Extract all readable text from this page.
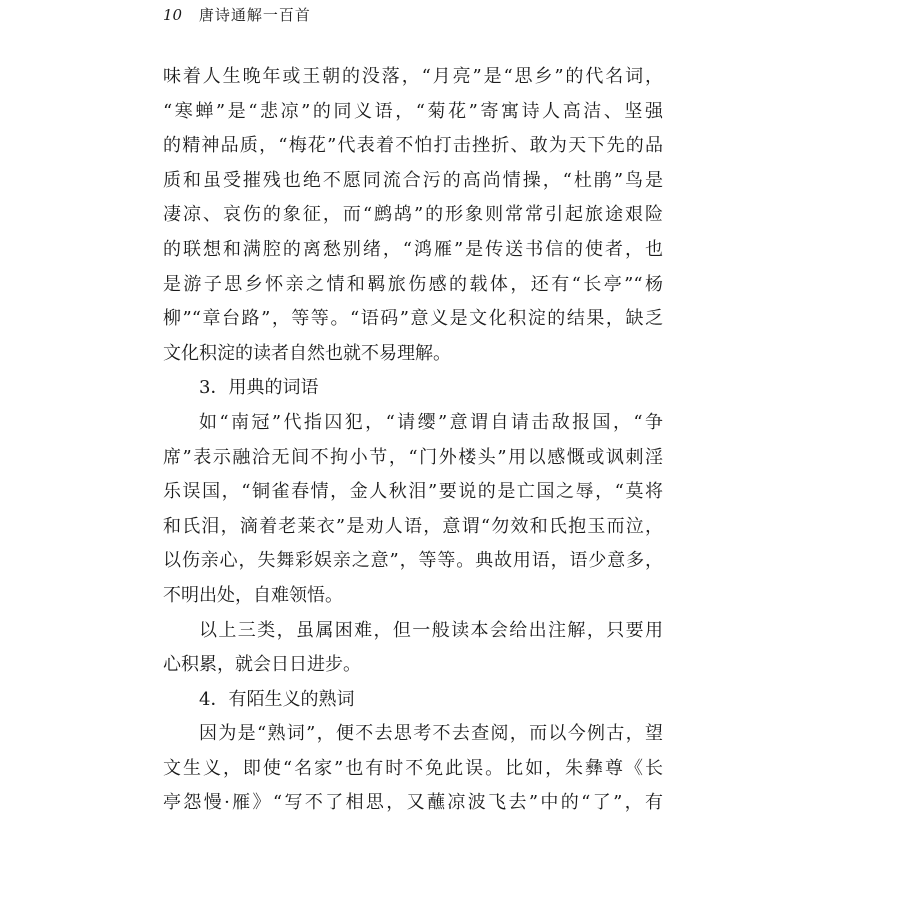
10 唐诗通解一百首
味着人生晚年或王朝的没落，“月亮”是“思乡”的代名词，
“寒蝉”是“悲凉”的同义语，“菊花”寄寓诗人高洁、坚强
的精神品质，“梅花”代表着不怕打击挫折、敢为天下先的品
质和虽受摧残也绝不愿同流合污的高尚情操，“杜鹃”鸟是
凄凉、哀伤的象征，而“鹧鸪”的形象则常常引起旅途艰险
的联想和满腔的离愁别绪，“鸿雁”是传送书信的使者，也
是游子思乡怀亲之情和羁旅伤感的载体，还有“长亭”“杨
柳”“章台路”，等等。“语码”意义是文化积淀的结果，缺乏
文化积淀的读者自然也就不易理解。
3．用典的词语
如“南冠”代指囚犯，“请缨”意谓自请击敌报国，“争
席”表示融洽无间不拘小节，“门外楼头”用以感慨或讽刺淫
乐误国，“铜雀春情，金人秋泪”要说的是亡国之辱，“莫将
和氏泪，滴着老莱衣”是劝人语，意谓“勿效和氏抱玉而泣，
以伤亲心，失舞彩娱亲之意”，等等。典故用语，语少意多，
不明出处，自难领悟。
以上三类，虽属困难，但一般读本会给出注解，只要用
心积累，就会日日进步。
4．有陌生义的熟词
因为是“熟词”，便不去思考不去查阅，而以今例古，望
文生义，即使“名家”也有时不免此误。比如，朱彝尊《长
亭怨慢·雁》“写不了相思，又蘸凉波飞去”中的“了”，有
